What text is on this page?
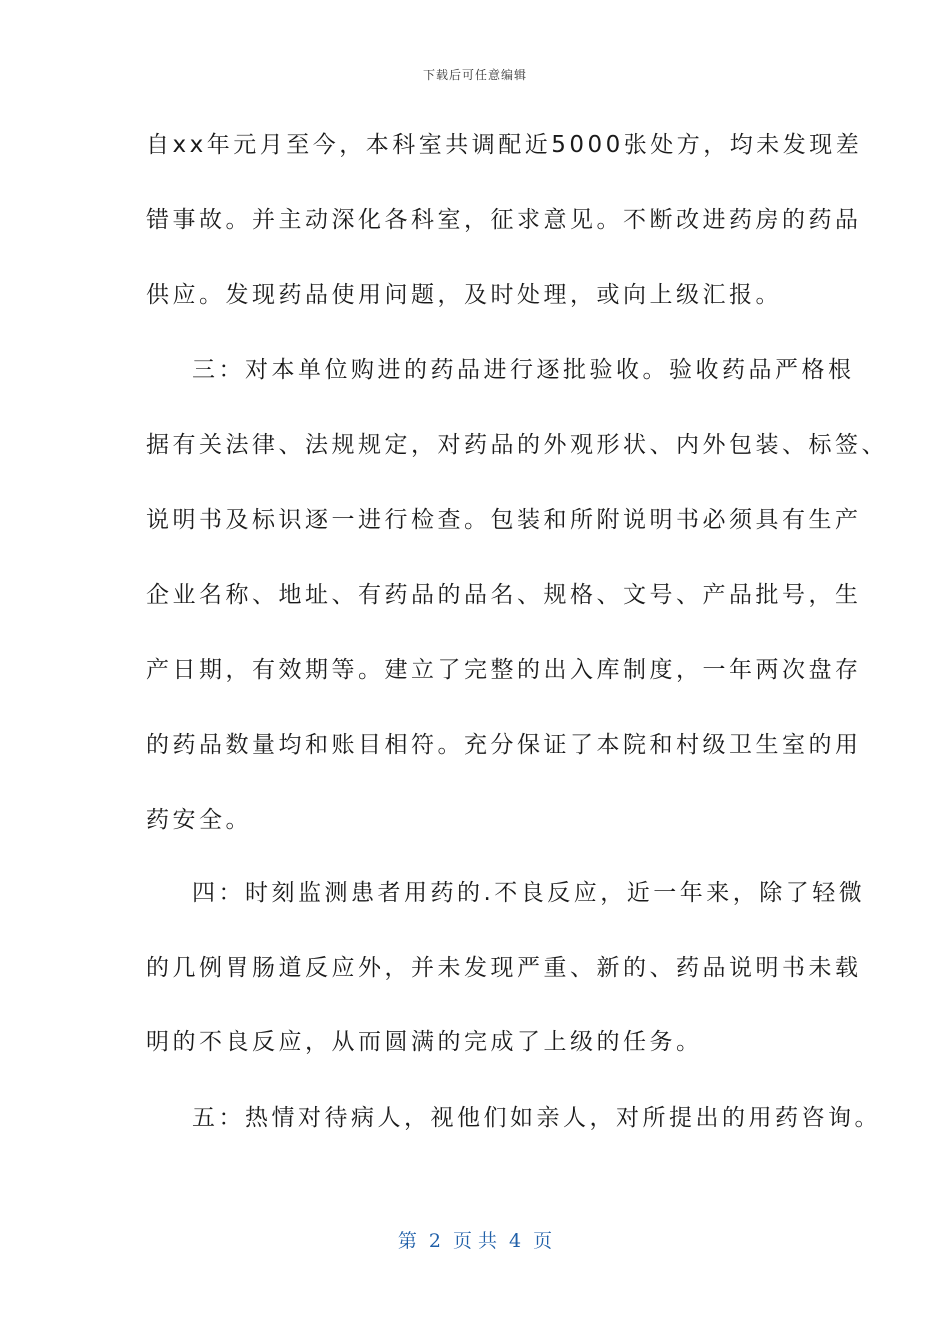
下载后可任意编辑
自xx年元月至今，本科室共调配近5000张处方，均未发现差
错事故。并主动深化各科室，征求意见。不断改进药房的药品
供应。发现药品使用问题，及时处理，或向上级汇报。
三：对本单位购进的药品进行逐批验收。验收药品严格根
据有关法律、法规规定，对药品的外观形状、内外包装、标签、
说明书及标识逐一进行检查。包装和所附说明书必须具有生产
企业名称、地址、有药品的品名、规格、文号、产品批号，生
产日期，有效期等。建立了完整的出入库制度，一年两次盘存
的药品数量均和账目相符。充分保证了本院和村级卫生室的用
药安全。
四：时刻监测患者用药的.不良反应，近一年来，除了轻微
的几例胃肠道反应外，并未发现严重、新的、药品说明书未载
明的不良反应，从而圆满的完成了上级的任务。
五：热情对待病人，视他们如亲人，对所提出的用药咨询。
第 2 页 共 4 页
